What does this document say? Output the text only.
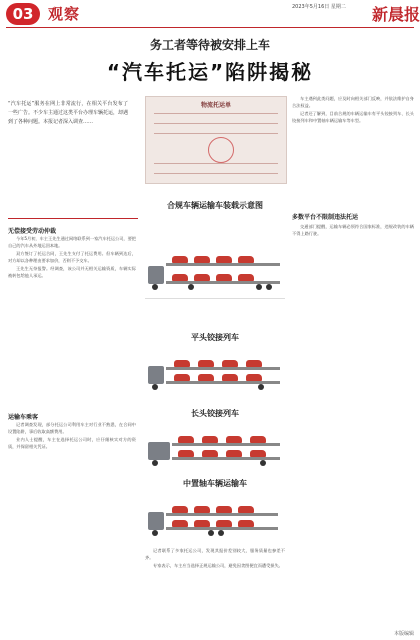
03 观察	2023年5月16日 星期二 新晨报
务工者等待被安排上车
“汽车托运”陷阱揭秘
“汽车托运”服务在网上非常流行，在相关平台发布了一些广告。不少车主通过这类平台办理车辆托运，却遇到了各种问题。本报记者深入调查……
无偿接受劳动仲裁

今年5月初，车主王先生通过网络联系到一家汽车托运公司，要把自己的汽车从外地运回本地。

双方签订了托运合同，王先生支付了托运费用。但车辆到达后，对方却以各种理由要求加价，否则不予交车。

王先生无奈报警。经调查，该公司并无相关运输资质，车辆实际被转包给他人承运。

运输车乘客

记者调查发现，部分托运公司利用车主对行业不熟悉，在合同中设置陷阱，事后收取高额费用。

业内人士提醒，车主在选择托运公司时，应仔细核实对方的资质，并保留相关凭证。

物流托运单
合规车辆运输车装载示意图
平头铰接列车
长头铰接列车
中置轴车辆运输车

记者联系了多家托运公司，发现其报价差别较大，服务质量也参差不齐。

专家表示，车主应当选择正规运输公司，避免因贪图便宜而遭受损失。

车主遇到此类问题，应及时向相关部门反映，并依法维护自身合法权益。

记者还了解到，目前合规的车辆运输车有平头铰接列车、长头铰接列车和中置轴车辆运输车等车型。

多数平台不限制违法托运

交通部门提醒，运输车辆必须符合国家标准，违规改装的车辆不得上路行驶。

本版编辑
